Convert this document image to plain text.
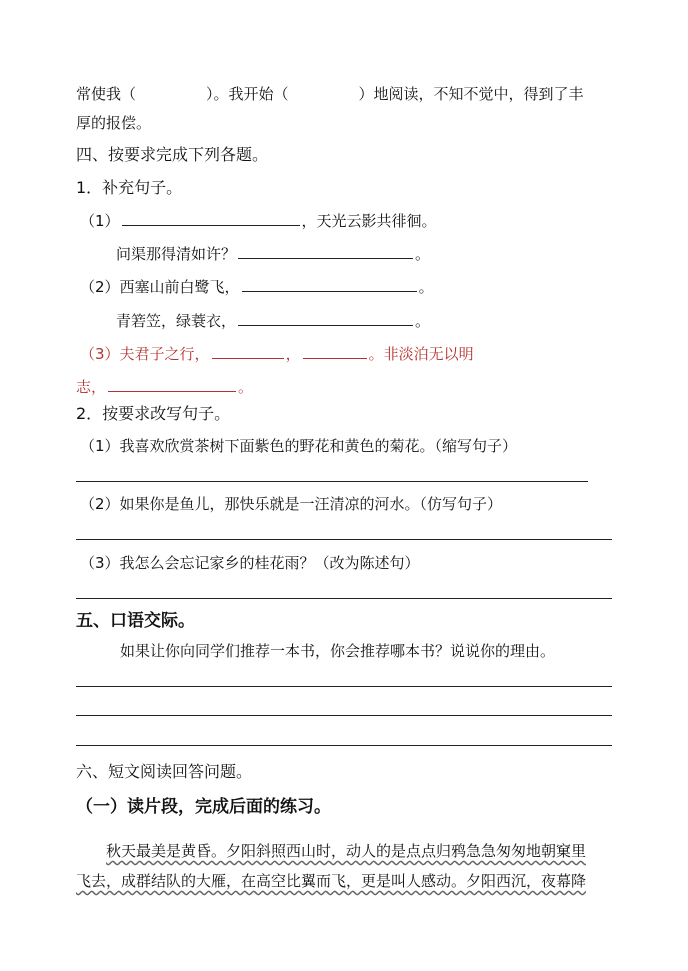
常使我（	）。我开始（	）地阅读，不知不觉中，得到了丰
厚的报偿。
四、按要求完成下列各题。
1．补充句子。
（1）	，天光云影共徘徊。
问渠那得清如许？	。
（2）西塞山前白鹭飞，	。
青箬笠，绿蓑衣，	。
（3）夫君子之行，	，	。非淡泊无以明
志，	。
2．按要求改写句子。
（1）我喜欢欣赏茶树下面紫色的野花和黄色的菊花。（缩写句子）
（2）如果你是鱼儿，那快乐就是一汪清凉的河水。（仿写句子）
（3）我怎么会忘记家乡的桂花雨？（改为陈述句）
五、口语交际。
如果让你向同学们推荐一本书，你会推荐哪本书？说说你的理由。
六、短文阅读回答问题。
（一）读片段，完成后面的练习。
秋天最美是黄昏。夕阳斜照西山时，动人的是点点归鸦急急匆匆地朝窠里
飞去，成群结队的大雁，在高空比翼而飞，更是叫人感动。夕阳西沉，夜幕降
